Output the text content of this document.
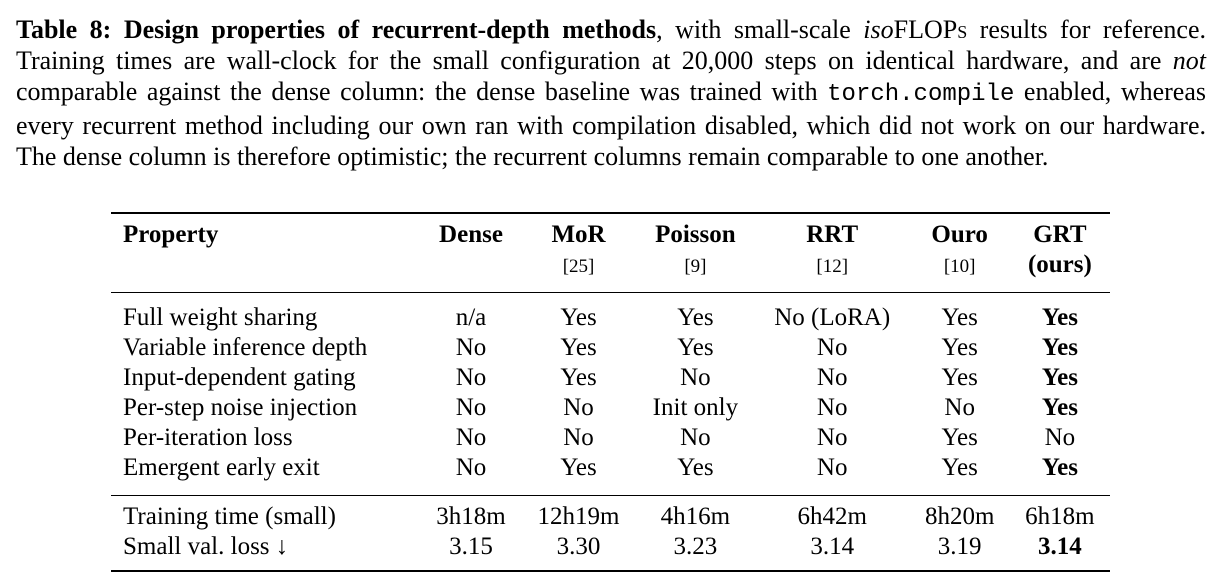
Table 8: Design properties of recurrent-depth methods, with small-scale isoFLOPs results for reference. Training times are wall-clock for the small configuration at 20,000 steps on identical hardware, and are not comparable against the dense column: the dense baseline was trained with torch.compile enabled, whereas every recurrent method including our own ran with compilation disabled, which did not work on our hardware. The dense column is therefore optimistic; the recurrent columns remain comparable to one another.
Property	Dense	MoR	Poisson	RRT	Ouro	GRT
		[25]	[9]	[12]	[10]	(ours)
Full weight sharing	n/a	Yes	Yes	No (LoRA)	Yes	Yes
Variable inference depth	No	Yes	Yes	No	Yes	Yes
Input-dependent gating	No	Yes	No	No	Yes	Yes
Per-step noise injection	No	No	Init only	No	No	Yes
Per-iteration loss	No	No	No	No	Yes	No
Emergent early exit	No	Yes	Yes	No	Yes	Yes
Training time (small)	3h18m	12h19m	4h16m	6h42m	8h20m	6h18m
Small val. loss ↓	3.15	3.30	3.23	3.14	3.19	3.14
